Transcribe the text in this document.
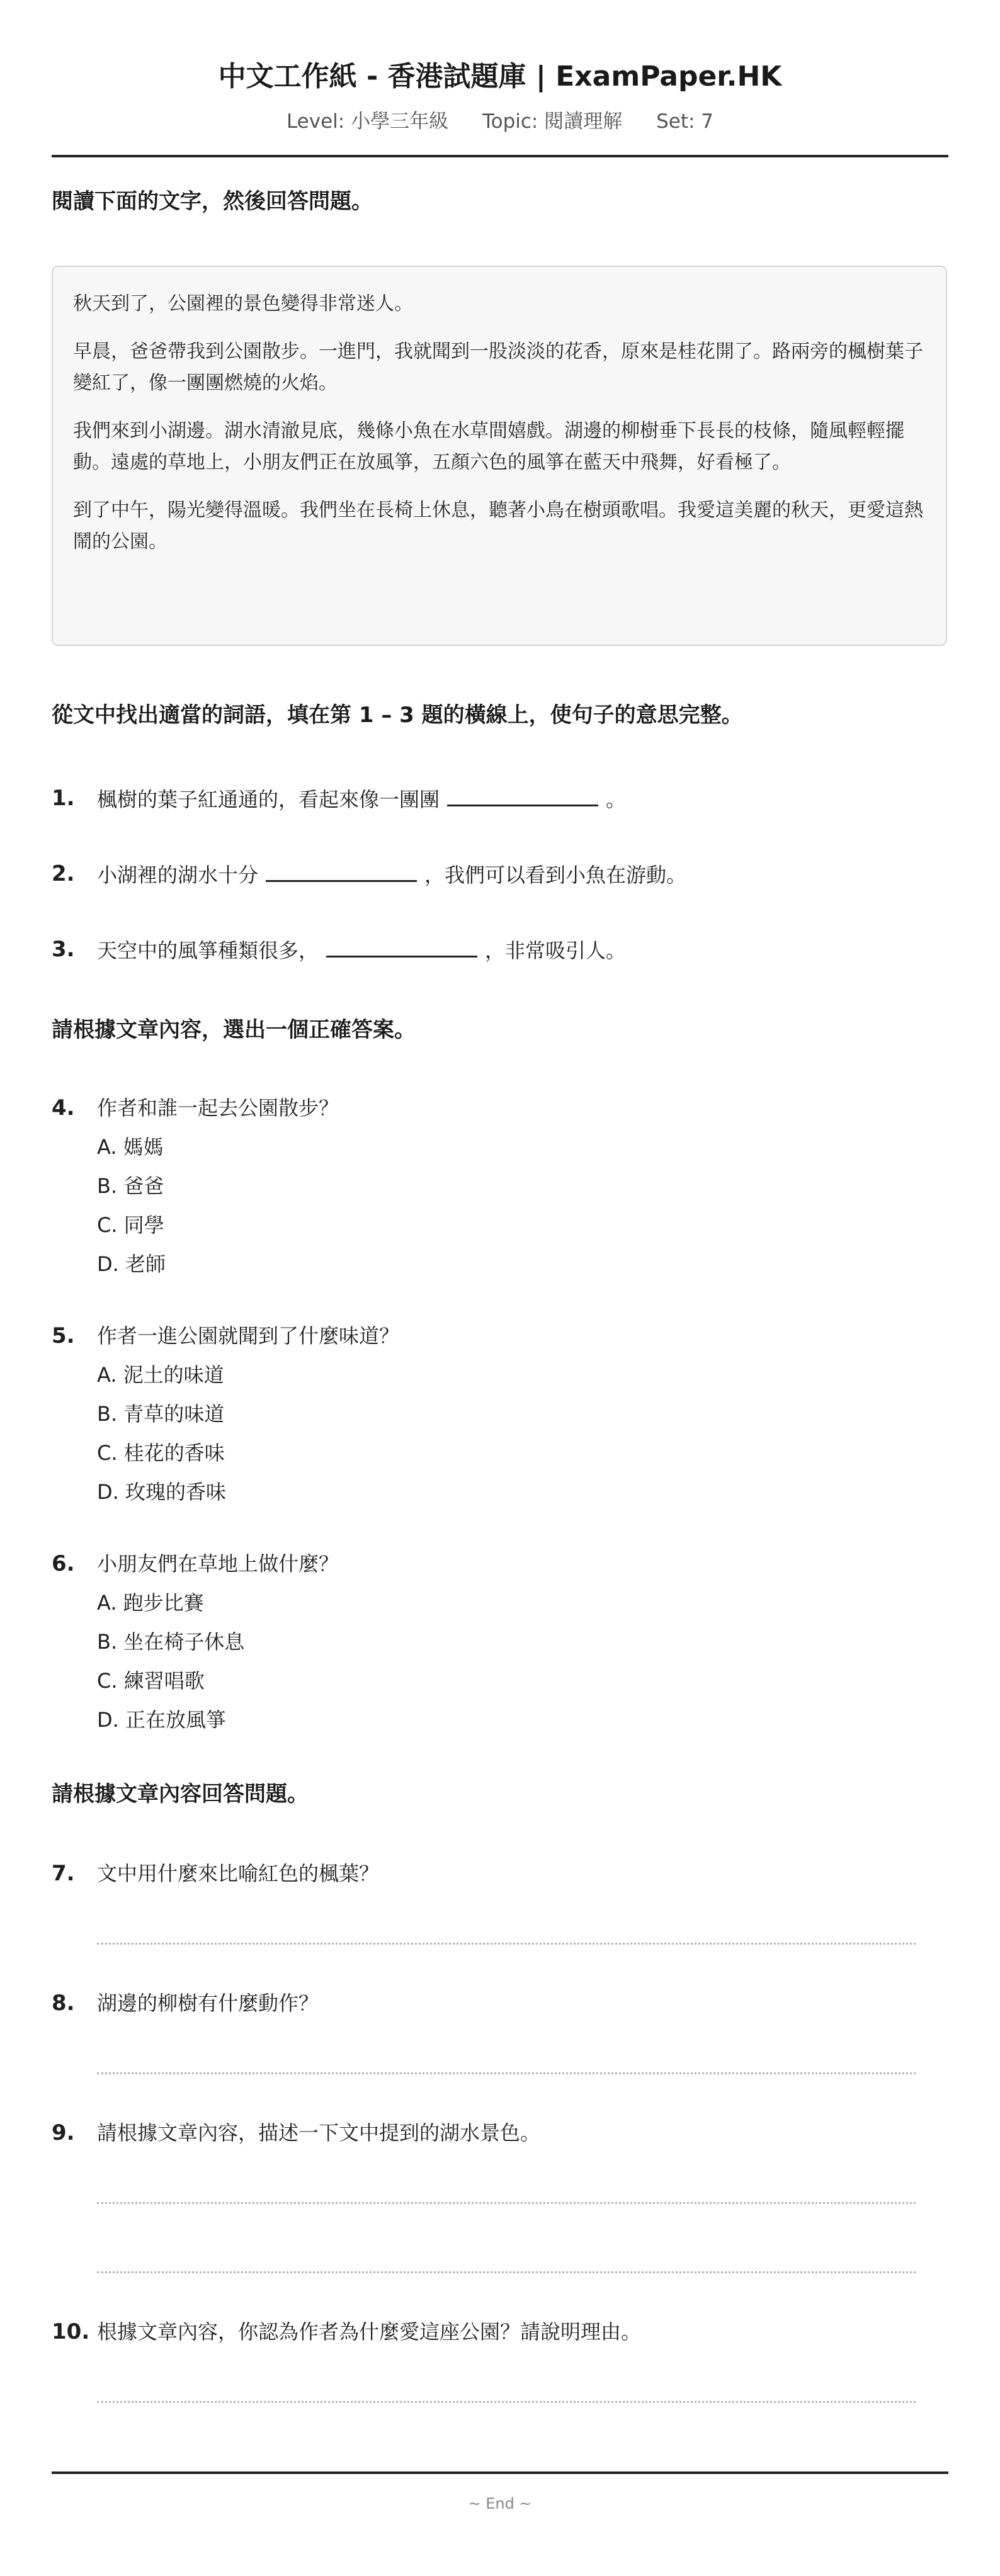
中文工作紙 - 香港試題庫 | ExamPaper.HK
Level: 小學三年級 Topic: 閱讀理解 Set: 7
閱讀下面的文字，然後回答問題。

秋天到了，公園裡的景色變得非常迷人。

早晨，爸爸帶我到公園散步。一進門，我就聞到一股淡淡的花香，原來是桂花開了。路兩旁的楓樹葉子變紅了，像一團團燃燒的火焰。

我們來到小湖邊。湖水清澈見底，幾條小魚在水草間嬉戲。湖邊的柳樹垂下長長的枝條，隨風輕輕擺動。遠處的草地上，小朋友們正在放風箏，五顏六色的風箏在藍天中飛舞，好看極了。

到了中午，陽光變得溫暖。我們坐在長椅上休息，聽著小鳥在樹頭歌唱。我愛這美麗的秋天，更愛這熱鬧的公園。

從文中找出適當的詞語，填在第 1 – 3 題的橫線上，使句子的意思完整。
1. 楓樹的葉子紅通通的，看起來像一團團	。
2. 小湖裡的湖水十分	，我們可以看到小魚在游動。
3. 天空中的風箏種類很多，	，非常吸引人。
請根據文章內容，選出一個正確答案。
4. 作者和誰一起去公園散步？
A. 媽媽
B. 爸爸
C. 同學
D. 老師
5. 作者一進公園就聞到了什麼味道？
A. 泥土的味道
B. 青草的味道
C. 桂花的香味
D. 玫瑰的香味
6. 小朋友們在草地上做什麼？
A. 跑步比賽
B. 坐在椅子休息
C. 練習唱歌
D. 正在放風箏
請根據文章內容回答問題。
7. 文中用什麼來比喻紅色的楓葉？
8. 湖邊的柳樹有什麼動作？
9. 請根據文章內容，描述一下文中提到的湖水景色。
10. 根據文章內容，你認為作者為什麼愛這座公園？請說明理由。
~ End ~
